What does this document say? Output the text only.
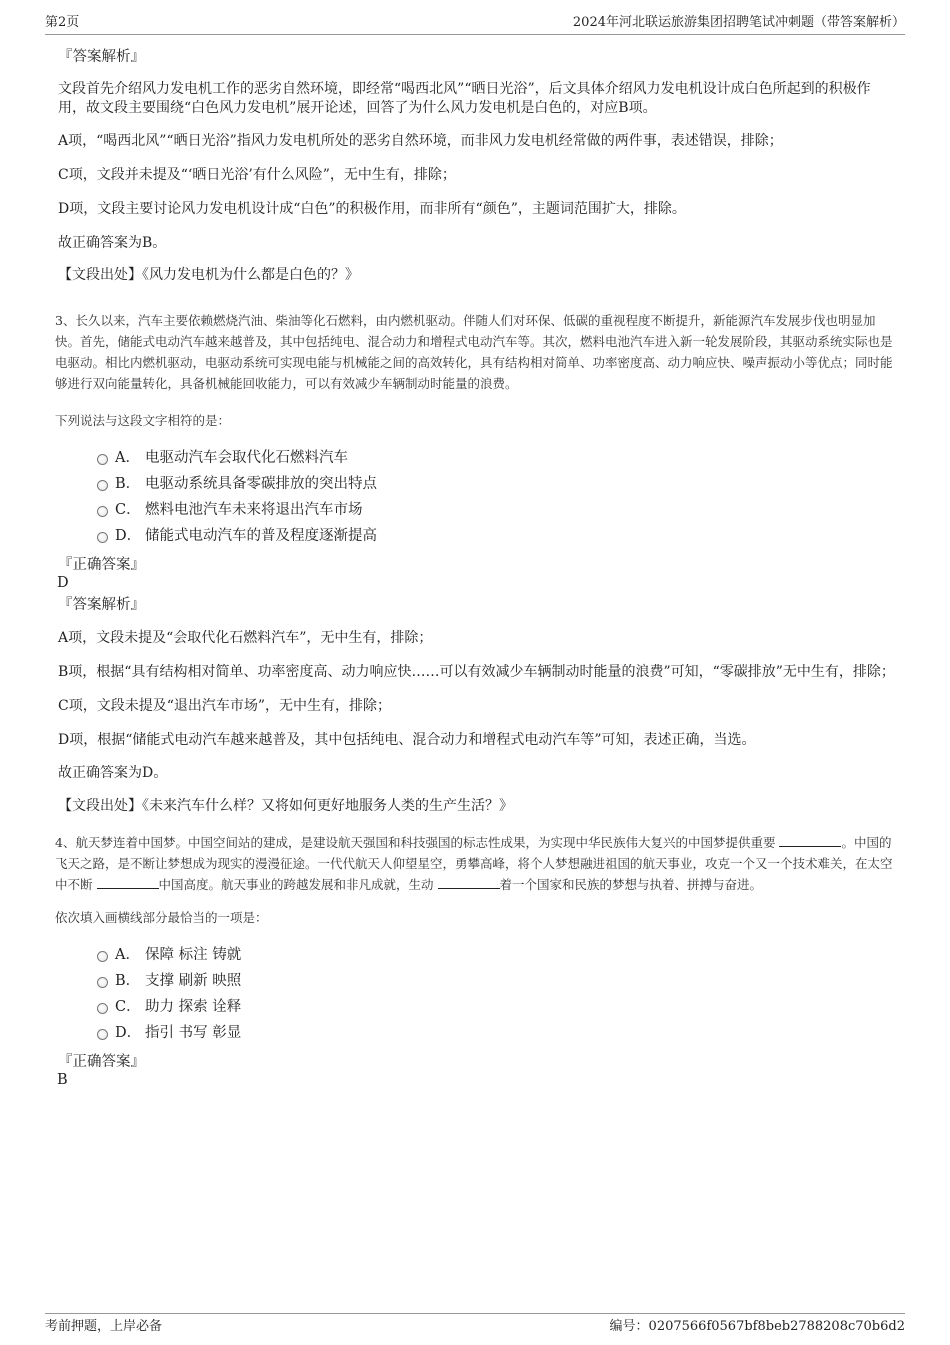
第2页	2024年河北联运旅游集团招聘笔试冲刺题（带答案解析）

『答案解析』

文段首先介绍风力发电机工作的恶劣自然环境，即经常“喝西北风”“晒日光浴”，后文具体介绍风力发电机设计成白色所起到的积极作用，故文段主要围绕“白色风力发电机”展开论述，回答了为什么风力发电机是白色的，对应B项。

A项，“喝西北风”“晒日光浴”指风力发电机所处的恶劣自然环境，而非风力发电机经常做的两件事，表述错误，排除；

C项，文段并未提及“‘晒日光浴’有什么风险”，无中生有，排除；

D项，文段主要讨论风力发电机设计成“白色”的积极作用，而非所有“颜色”，主题词范围扩大，排除。

故正确答案为B。

【文段出处】《风力发电机为什么都是白色的？》

3、长久以来，汽车主要依赖燃烧汽油、柴油等化石燃料，由内燃机驱动。伴随人们对环保、低碳的重视程度不断提升，新能源汽车发展步伐也明显加快。首先，储能式电动汽车越来越普及，其中包括纯电、混合动力和增程式电动汽车等。其次，燃料电池汽车进入新一轮发展阶段，其驱动系统实际也是电驱动。相比内燃机驱动，电驱动系统可实现电能与机械能之间的高效转化，具有结构相对简单、功率密度高、动力响应快、噪声振动小等优点；同时能够进行双向能量转化，具备机械能回收能力，可以有效减少车辆制动时能量的浪费。

下列说法与这段文字相符的是：

A． 电驱动汽车会取代化石燃料汽车
B． 电驱动系统具备零碳排放的突出特点
C． 燃料电池汽车未来将退出汽车市场
D． 储能式电动汽车的普及程度逐渐提高

『正确答案』

D

『答案解析』

A项，文段未提及“会取代化石燃料汽车”，无中生有，排除；

B项，根据“具有结构相对简单、功率密度高、动力响应快……可以有效减少车辆制动时能量的浪费”可知，“零碳排放”无中生有，排除；

C项，文段未提及“退出汽车市场”，无中生有，排除；

D项，根据“储能式电动汽车越来越普及，其中包括纯电、混合动力和增程式电动汽车等”可知，表述正确，当选。

故正确答案为D。

【文段出处】《未来汽车什么样？又将如何更好地服务人类的生产生活？》

4、航天梦连着中国梦。中国空间站的建成，是建设航天强国和科技强国的标志性成果，为实现中华民族伟大复兴的中国梦提供重要	。中国的飞天之路，是不断让梦想成为现实的漫漫征途。一代代航天人仰望星空，勇攀高峰，将个人梦想融进祖国的航天事业，攻克一个又一个技术难关，在太空中不断	中国高度。航天事业的跨越发展和非凡成就，生动	着一个国家和民族的梦想与执着、拼搏与奋进。

依次填入画横线部分最恰当的一项是：

A． 保障 标注 铸就
B． 支撑 刷新 映照
C． 助力 探索 诠释
D． 指引 书写 彰显

『正确答案』

B

考前押题，上岸必备	编号：0207566f0567bf8beb2788208c70b6d2
